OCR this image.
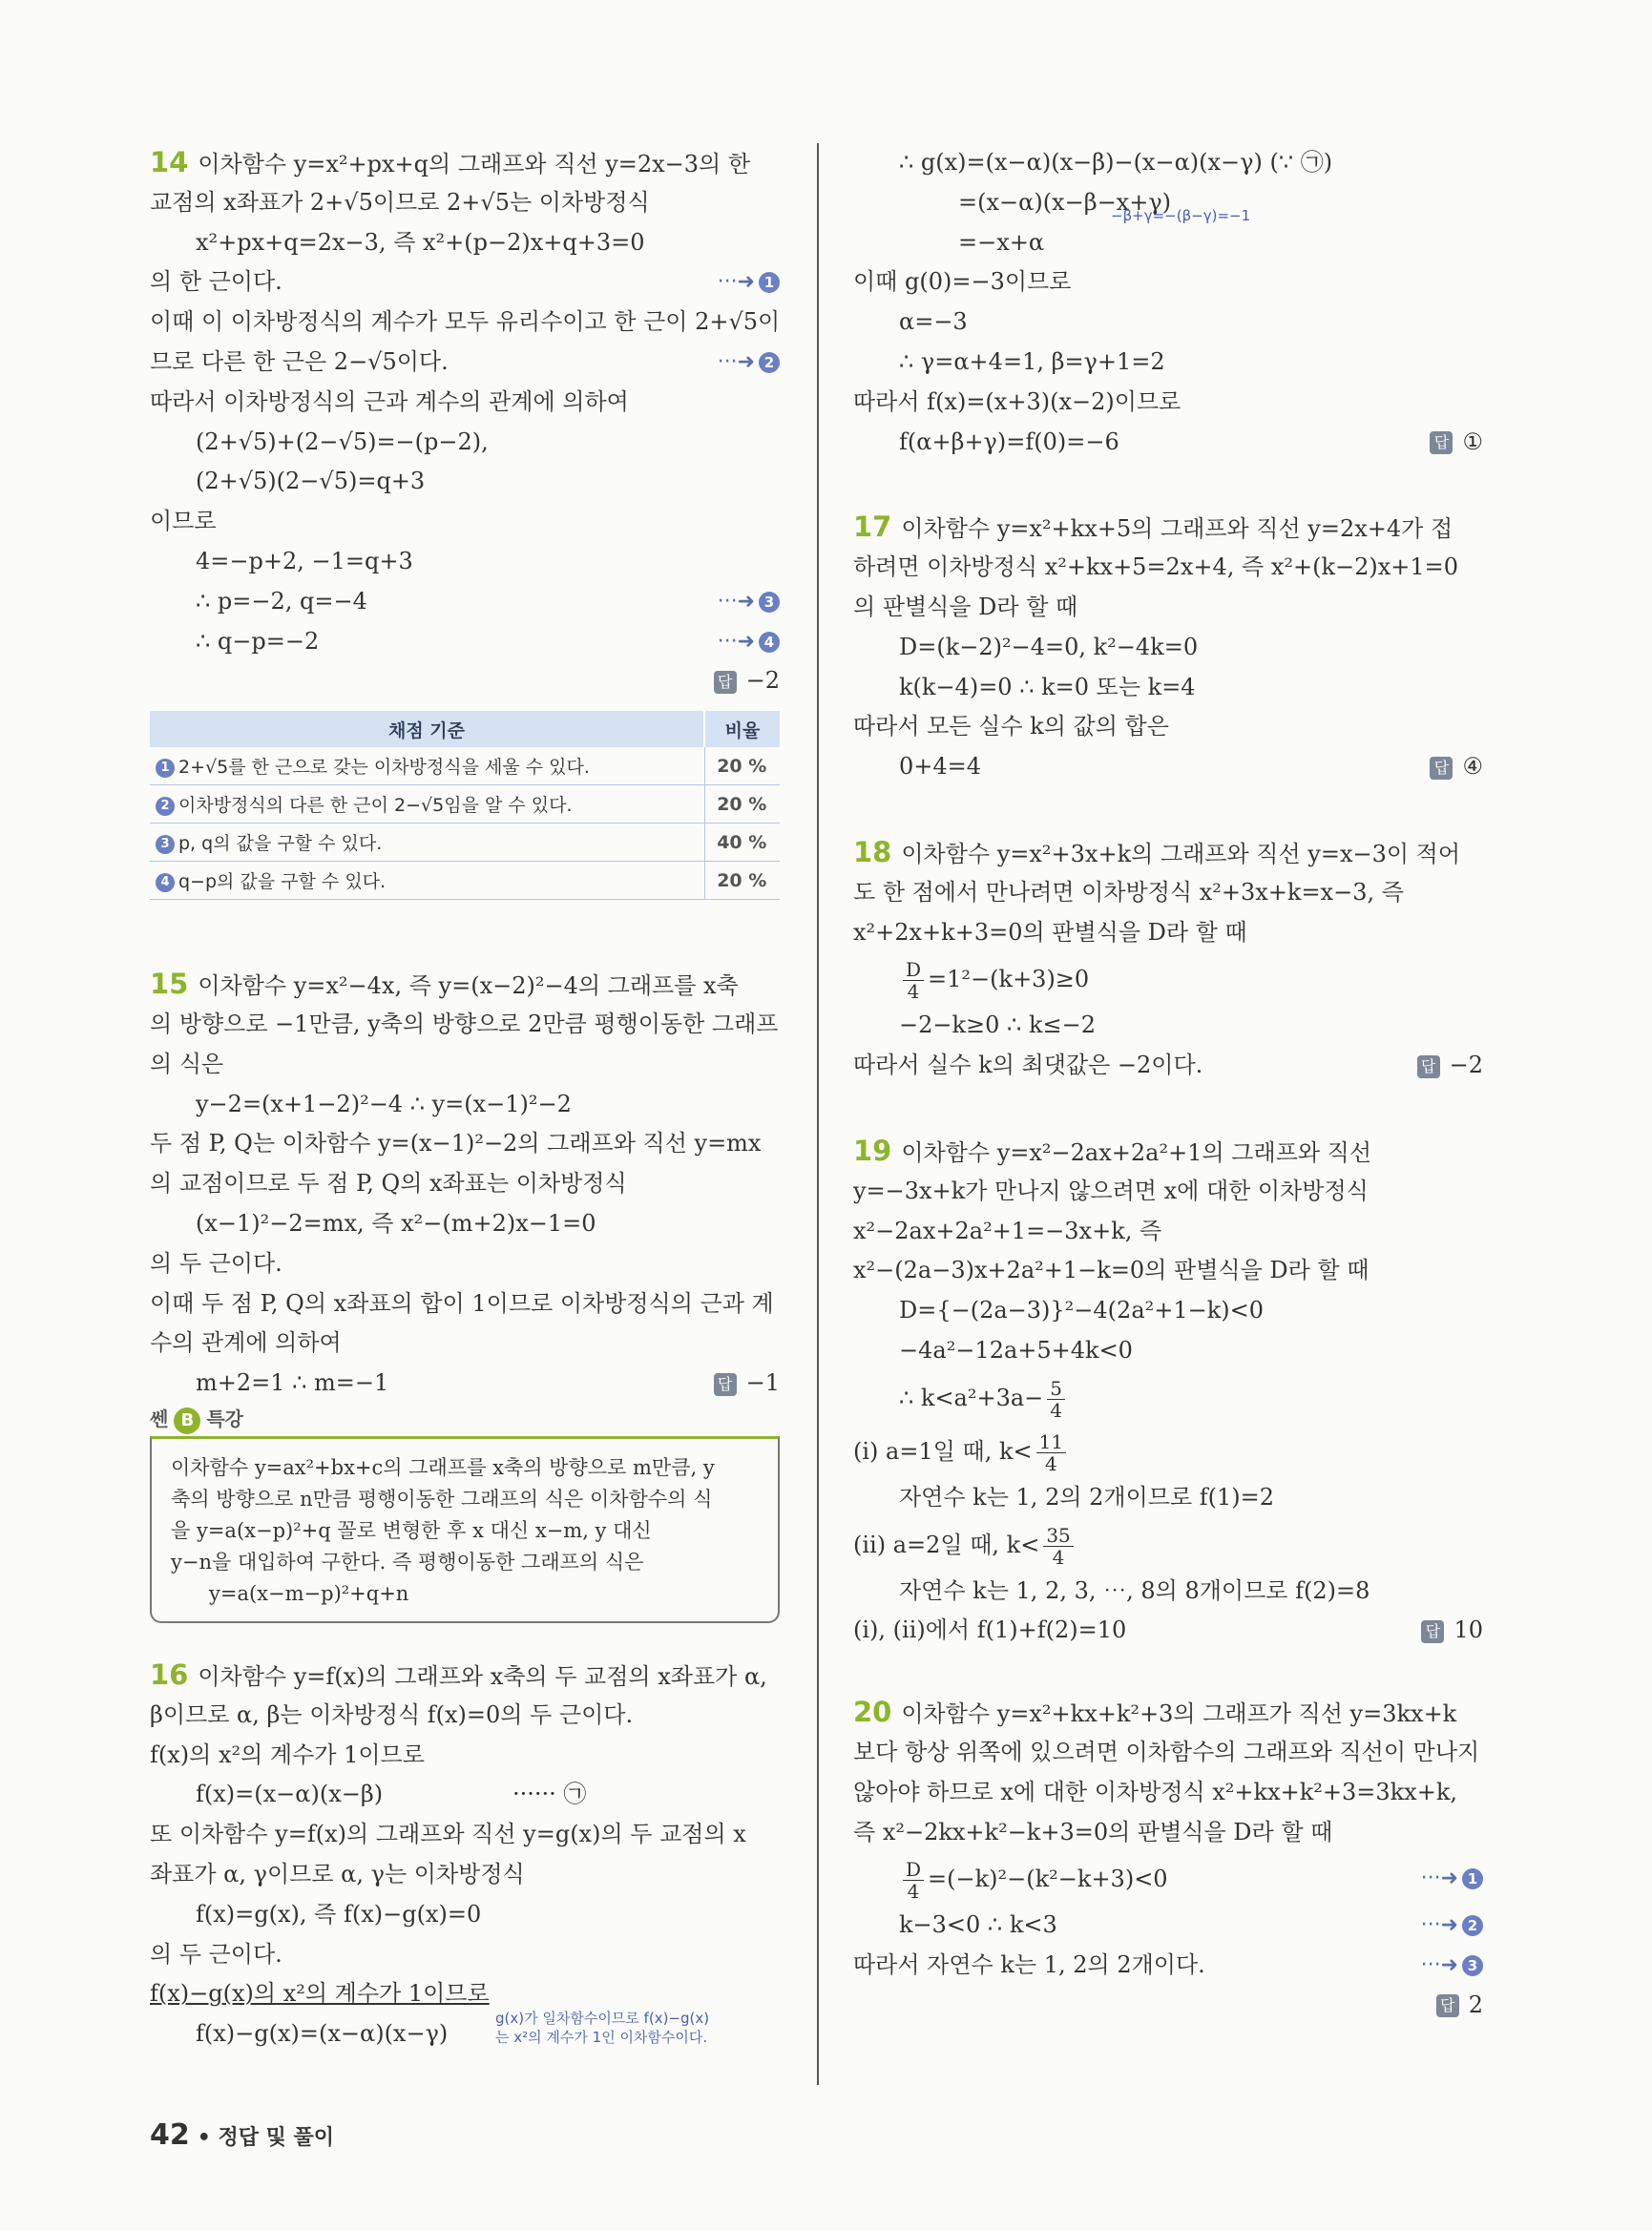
14 이차함수 y=x²+px+q의 그래프와 직선 y=2x−3의 한
교점의 x좌표가 2+√5이므로 2+√5는 이차방정식
x²+px+q=2x−3, 즉 x²+(p−2)x+q+3=0
의 한 근이다.	···➜ 1
이때 이 이차방정식의 계수가 모두 유리수이고 한 근이 2+√5이
므로 다른 한 근은 2−√5이다.	···➜ 2
따라서 이차방정식의 근과 계수의 관계에 의하여
(2+√5)+(2−√5)=−(p−2),
(2+√5)(2−√5)=q+3
이므로
4=−p+2, −1=q+3
∴ p=−2, q=−4	···➜ 3
∴ q−p=−2	···➜ 4
답 −2
채점 기준	비율
1 2+√5를 한 근으로 갖는 이차방정식을 세울 수 있다.	20 %
2 이차방정식의 다른 한 근이 2−√5임을 알 수 있다.	20 %
3 p, q의 값을 구할 수 있다.	40 %
4 q−p의 값을 구할 수 있다.	20 %
15 이차함수 y=x²−4x, 즉 y=(x−2)²−4의 그래프를 x축
의 방향으로 −1만큼, y축의 방향으로 2만큼 평행이동한 그래프
의 식은
y−2=(x+1−2)²−4 ∴ y=(x−1)²−2
두 점 P, Q는 이차함수 y=(x−1)²−2의 그래프와 직선 y=mx
의 교점이므로 두 점 P, Q의 x좌표는 이차방정식
(x−1)²−2=mx, 즉 x²−(m+2)x−1=0
의 두 근이다.
이때 두 점 P, Q의 x좌표의 합이 1이므로 이차방정식의 근과 계
수의 관계에 의하여
m+2=1 ∴ m=−1	답 −1
쎈 B 특강
이차함수 y=ax²+bx+c의 그래프를 x축의 방향으로 m만큼, y
축의 방향으로 n만큼 평행이동한 그래프의 식은 이차함수의 식
을 y=a(x−p)²+q 꼴로 변형한 후 x 대신 x−m, y 대신
y−n을 대입하여 구한다. 즉 평행이동한 그래프의 식은
y=a(x−m−p)²+q+n
16 이차함수 y=f(x)의 그래프와 x축의 두 교점의 x좌표가 α,
β이므로 α, β는 이차방정식 f(x)=0의 두 근이다.
f(x)의 x²의 계수가 1이므로
f(x)=(x−α)(x−β)	······ ㉠
또 이차함수 y=f(x)의 그래프와 직선 y=g(x)의 두 교점의 x
좌표가 α, γ이므로 α, γ는 이차방정식
f(x)=g(x), 즉 f(x)−g(x)=0
의 두 근이다.
f(x)−g(x)의 x²의 계수가 1이므로
f(x)−g(x)=(x−α)(x−γ)
g(x)가 일차함수이므로 f(x)−g(x)
는 x²의 계수가 1인 이차함수이다.
∴ g(x)=(x−α)(x−β)−(x−α)(x−γ) (∵ ㉠)
=(x−α)(x−β−x+γ)
−β+γ=−(β−γ)=−1
=−x+α
이때 g(0)=−3이므로
α=−3
∴ γ=α+4=1, β=γ+1=2
따라서 f(x)=(x+3)(x−2)이므로
f(α+β+γ)=f(0)=−6	답 ①
17 이차함수 y=x²+kx+5의 그래프와 직선 y=2x+4가 접
하려면 이차방정식 x²+kx+5=2x+4, 즉 x²+(k−2)x+1=0
의 판별식을 D라 할 때
D=(k−2)²−4=0, k²−4k=0
k(k−4)=0 ∴ k=0 또는 k=4
따라서 모든 실수 k의 값의 합은
0+4=4	답 ④
18 이차함수 y=x²+3x+k의 그래프와 직선 y=x−3이 적어
도 한 점에서 만나려면 이차방정식 x²+3x+k=x−3, 즉
x²+2x+k+3=0의 판별식을 D라 할 때
$\frac{D}{4} =1^2-(k+3)\ge 0$
−2−k≥0 ∴ k≤−2
따라서 실수 k의 최댓값은 −2이다.	답 −2
19 이차함수 y=x²−2ax+2a²+1의 그래프와 직선
y=−3x+k가 만나지 않으려면 x에 대한 이차방정식
x²−2ax+2a²+1=−3x+k, 즉
x²−(2a−3)x+2a²+1−k=0의 판별식을 D라 할 때
D={−(2a−3)}²−4(2a²+1−k)<0
−4a²−12a+5+4k<0
∴ $k<a^2+3a- \frac{5}{4}$
(ⅰ) a=1일 때, $k< \frac{11}{4}$
자연수 k는 1, 2의 2개이므로 f(1)=2
(ⅱ) a=2일 때, $k< \frac{35}{4}$
자연수 k는 1, 2, 3, ⋯, 8의 8개이므로 f(2)=8
(ⅰ), (ⅱ)에서 f(1)+f(2)=10	답 10
20 이차함수 y=x²+kx+k²+3의 그래프가 직선 y=3kx+k
보다 항상 위쪽에 있으려면 이차함수의 그래프와 직선이 만나지
않아야 하므로 x에 대한 이차방정식 x²+kx+k²+3=3kx+k,
즉 x²−2kx+k²−k+3=0의 판별식을 D라 할 때
$\frac{D}{4} =(-k)^2-(k^2-k+3)<0$	···➜ 1
k−3<0 ∴ k<3	···➜ 2
따라서 자연수 k는 1, 2의 2개이다.	···➜ 3
답 2
42 • 정답 및 풀이
